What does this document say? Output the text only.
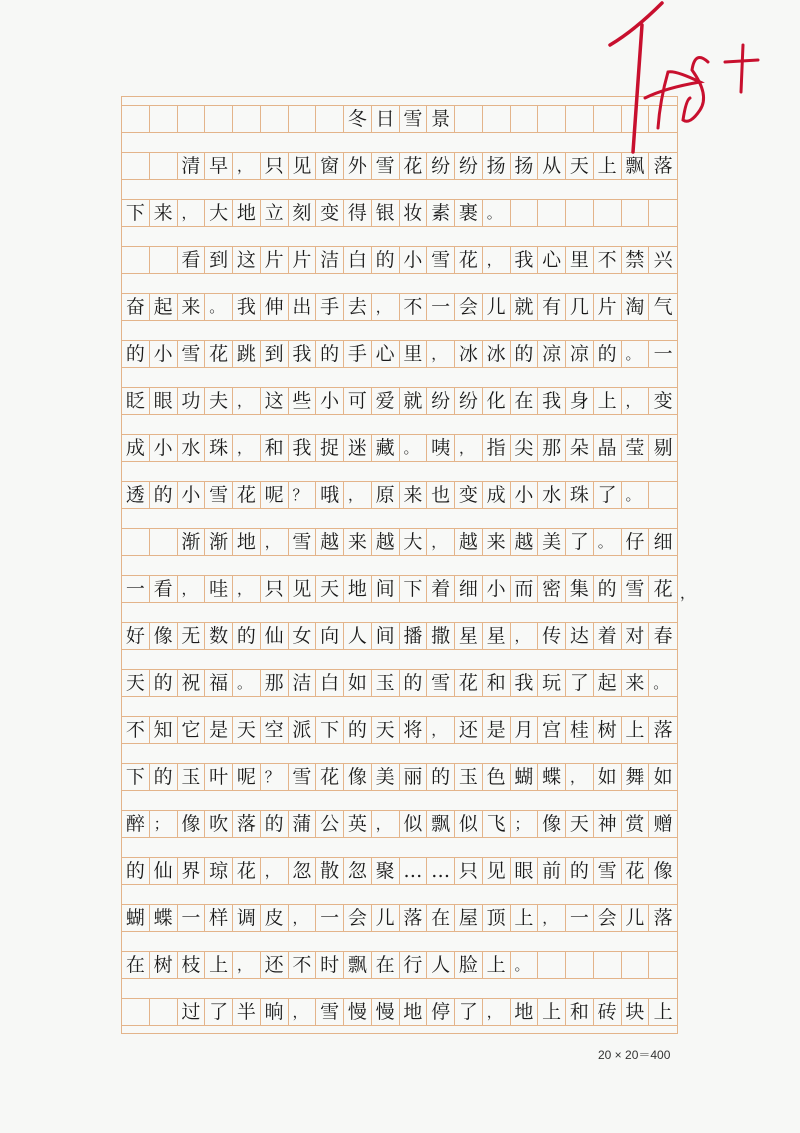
冬 日 雪 景
清 早 ， 只 见 窗 外 雪 花 纷 纷 扬 扬 从 天 上 飘 落
下 来 ， 大 地 立 刻 变 得 银 妆 素 裹 。
看 到 这 片 片 洁 白 的 小 雪 花 ， 我 心 里 不 禁 兴
奋 起 来 。 我 伸 出 手 去 ， 不 一 会 儿 就 有 几 片 淘 气
的 小 雪 花 跳 到 我 的 手 心 里 ， 冰 冰 的 凉 凉 的 。 一
眨 眼 功 夫 ， 这 些 小 可 爱 就 纷 纷 化 在 我 身 上 ， 变
成 小 水 珠 ， 和 我 捉 迷 藏 。 咦 ， 指 尖 那 朵 晶 莹 剔
透 的 小 雪 花 呢 ？ 哦 ， 原 来 也 变 成 小 水 珠 了 。
渐 渐 地 ， 雪 越 来 越 大 ， 越 来 越 美 了 。 仔 细
一 看 ， 哇 ， 只 见 天 地 间 下 着 细 小 而 密 集 的 雪 花
好 像 无 数 的 仙 女 向 人 间 播 撒 星 星 ， 传 达 着 对 春
天 的 祝 福 。 那 洁 白 如 玉 的 雪 花 和 我 玩 了 起 来 。
不 知 它 是 天 空 派 下 的 天 将 ， 还 是 月 宫 桂 树 上 落
下 的 玉 叶 呢 ？ 雪 花 像 美 丽 的 玉 色 蝴 蝶 ， 如 舞 如
醉 ； 像 吹 落 的 蒲 公 英 ， 似 飘 似 飞 ； 像 天 神 赏 赠
的 仙 界 琼 花 ， 忽 散 忽 聚 … … 只 见 眼 前 的 雪 花 像
蝴 蝶 一 样 调 皮 ， 一 会 儿 落 在 屋 顶 上 ， 一 会 儿 落
在 树 枝 上 ， 还 不 时 飘 在 行 人 脸 上 。
过 了 半 晌 ， 雪 慢 慢 地 停 了 ， 地 上 和 砖 块 上
20 × 20＝400
，
